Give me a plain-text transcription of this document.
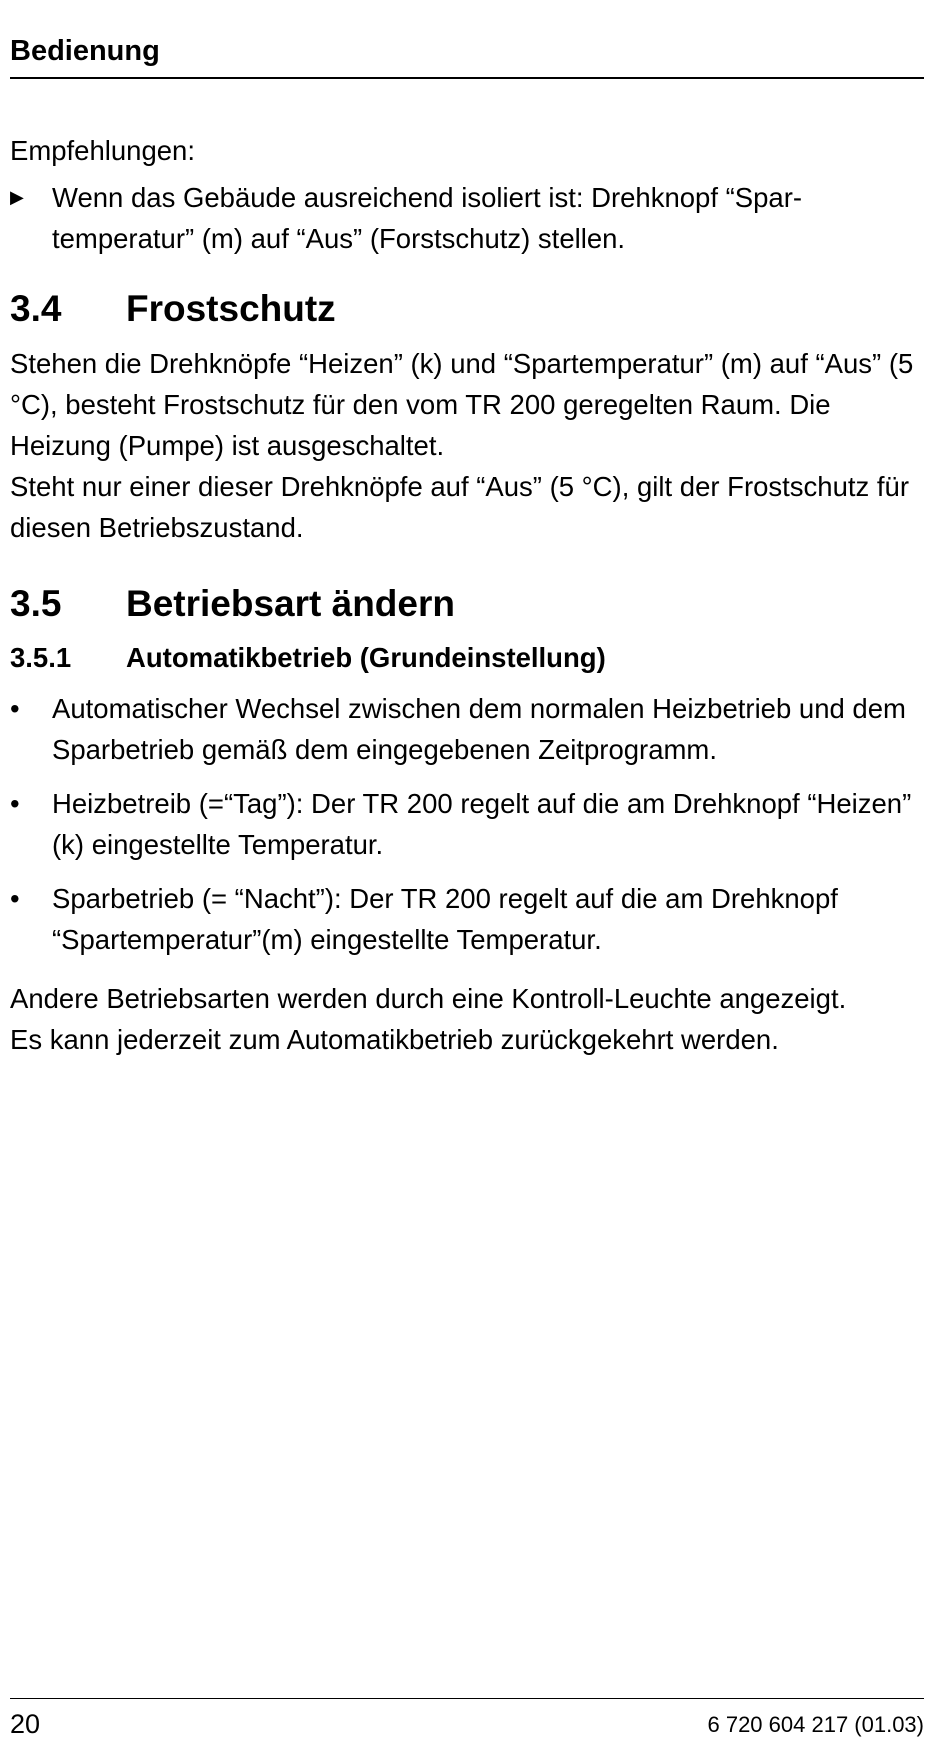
Bedienung

Empfehlungen:

▶	Wenn das Gebäude ausreichend isoliert ist: Drehknopf “Spartemperatur” (m) auf “Aus” (Forstschutz) stellen.
3.4 Frostschutz

Stehen die Drehknöpfe “Heizen” (k) und “Spartemperatur” (m) auf “Aus” (5 °C), besteht Frostschutz für den vom TR 200 geregelten Raum. Die Heizung (Pumpe) ist ausgeschaltet.

Steht nur einer dieser Drehknöpfe auf “Aus” (5 °C), gilt der Frostschutz für diesen Betriebszustand.

3.5 Betriebsart ändern
3.5.1 Automatikbetrieb (Grundeinstellung)
•	Automatischer Wechsel zwischen dem normalen Heizbetrieb und dem Sparbetrieb gemäß dem eingegebenen Zeitprogramm.
•	Heizbetreib (=“Tag”): Der TR 200 regelt auf die am Drehknopf “Heizen” (k) eingestellte Temperatur.
•	Sparbetrieb (= “Nacht”): Der TR 200 regelt auf die am Drehknopf “Spartemperatur”(m) eingestellte Temperatur.

Andere Betriebsarten werden durch eine Kontroll-Leuchte angezeigt.

Es kann jederzeit zum Automatikbetrieb zurückgekehrt werden.

20	6 720 604 217 (01.03)
